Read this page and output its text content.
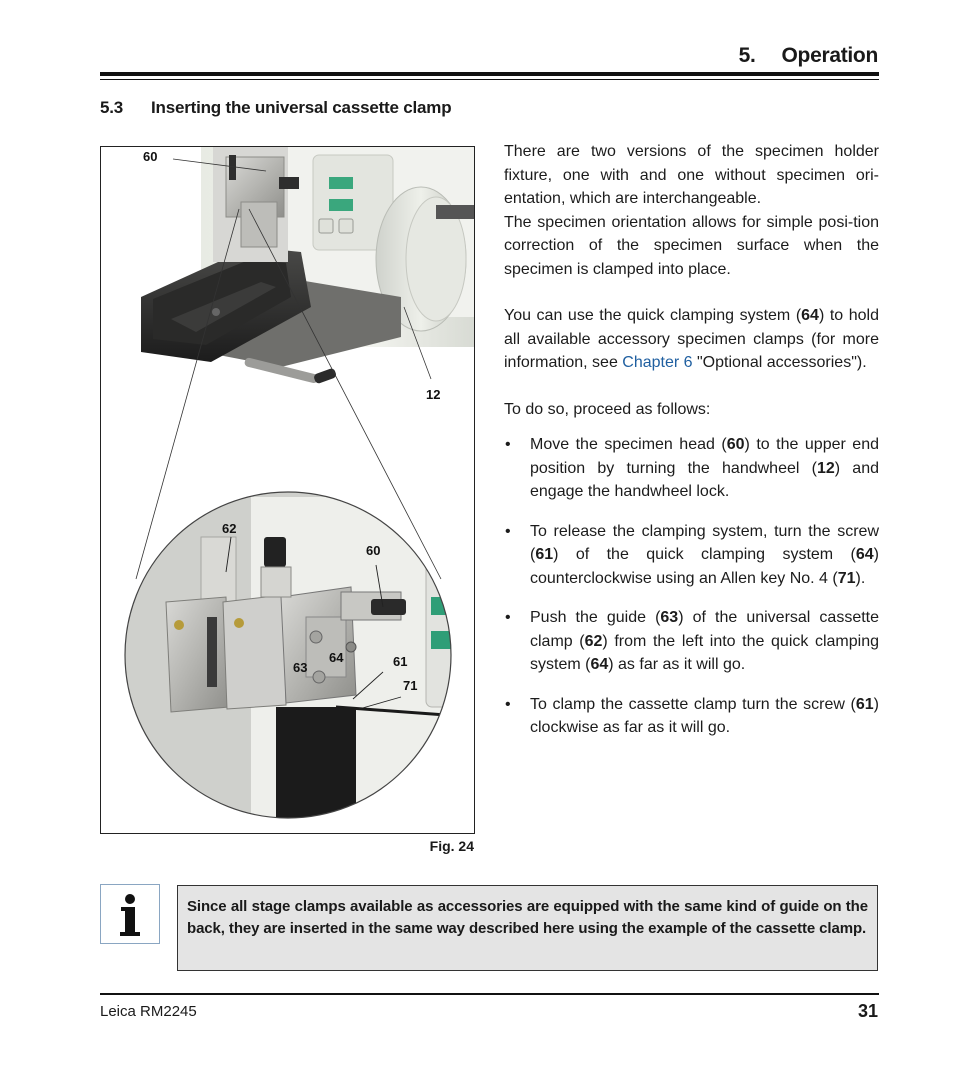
5. Operation
5.3 Inserting the universal cassette clamp
60
12
62
60
63
64	61
71
Fig. 24

There are two versions of the specimen holder fixture, one with and one without specimen ori-entation, which are interchangeable.

The specimen orientation allows for simple posi-tion correction of the specimen surface when the specimen is clamped into place.

You can use the quick clamping system (64) to hold all available accessory specimen clamps (for more information, see Chapter 6 "Optional accessories").

To do so, proceed as follows:

• Move the specimen head (60) to the upper end position by turning the handwheel (12) and engage the handwheel lock.
• To release the clamping system, turn the screw (61) of the quick clamping system (64) counterclockwise using an Allen key No. 4 (71).
• Push the guide (63) of the universal cassette clamp (62) from the left into the quick clamping system (64) as far as it will go.
• To clamp the cassette clamp turn the screw (61) clockwise as far as it will go.
Since all stage clamps available as accessories are equipped with the same kind of guide on the back, they are inserted in the same way described here using the example of the cassette clamp.
Leica RM2245	31
